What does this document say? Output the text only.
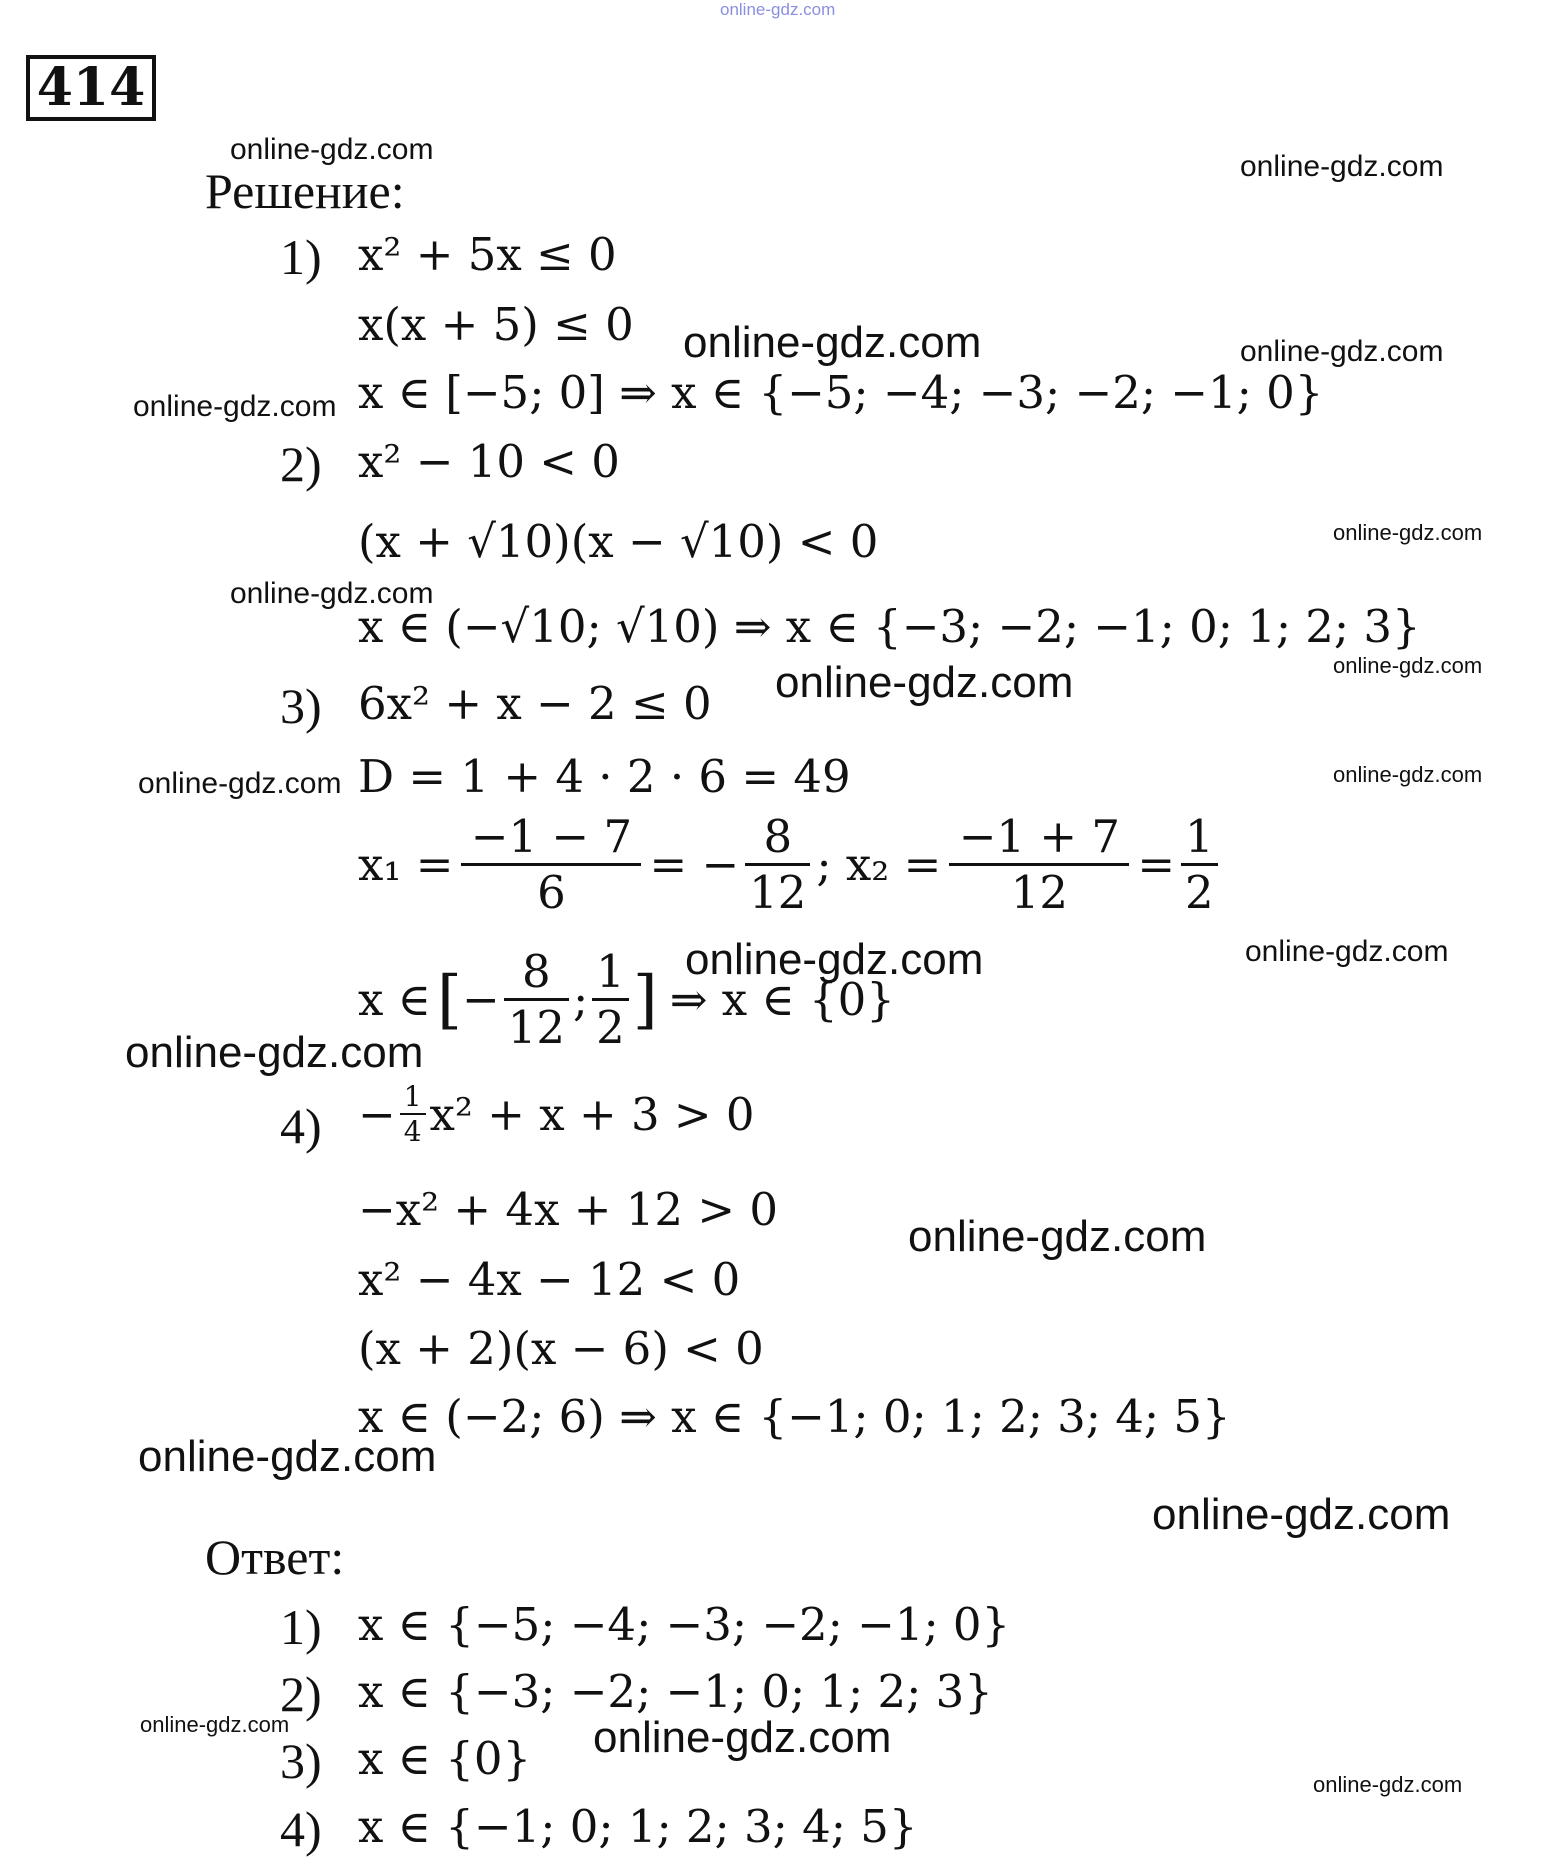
online-gdz.com
414
Решение:
1) x² + 5x ≤ 0
x(x + 5) ≤ 0
x ∈ [−5; 0] ⇒ x ∈ {−5; −4; −3; −2; −1; 0}
2) x² − 10 < 0
(x + √10)(x − √10) < 0
x ∈ (−√10; √10) ⇒ x ∈ {−3; −2; −1; 0; 1; 2; 3}
3) 6x² + x − 2 ≤ 0
D = 1 + 4 · 2 · 6 = 49
$x_1 = \frac{-1 - 7}{6}$ = − $\frac{8}{12}$ ; $x_2 = \frac{-1 + 7}{12} = \frac{1}{2}$
x ∈ [ − $\frac{8}{12}$ ; $\frac{1}{2}$ ] ⇒ x ∈ {0}
$4) - \frac{1}{4} x^2 + x + 3 > 0$
−x² + 4x + 12 > 0
x² − 4x − 12 < 0
(x + 2)(x − 6) < 0
x ∈ (−2; 6) ⇒ x ∈ {−1; 0; 1; 2; 3; 4; 5}
Ответ:
1) x ∈ {−5; −4; −3; −2; −1; 0}
2) x ∈ {−3; −2; −1; 0; 1; 2; 3}
3) x ∈ {0}
4) x ∈ {−1; 0; 1; 2; 3; 4; 5}
online-gdz.com
online-gdz.com
online-gdz.com	online-gdz.com
online-gdz.com
online-gdz.com
online-gdz.com
online-gdz.com
online-gdz.com
online-gdz.com	online-gdz.com
online-gdz.com	online-gdz.com
online-gdz.com
online-gdz.com
online-gdz.com
online-gdz.com
online-gdz.com	online-gdz.com
online-gdz.com
